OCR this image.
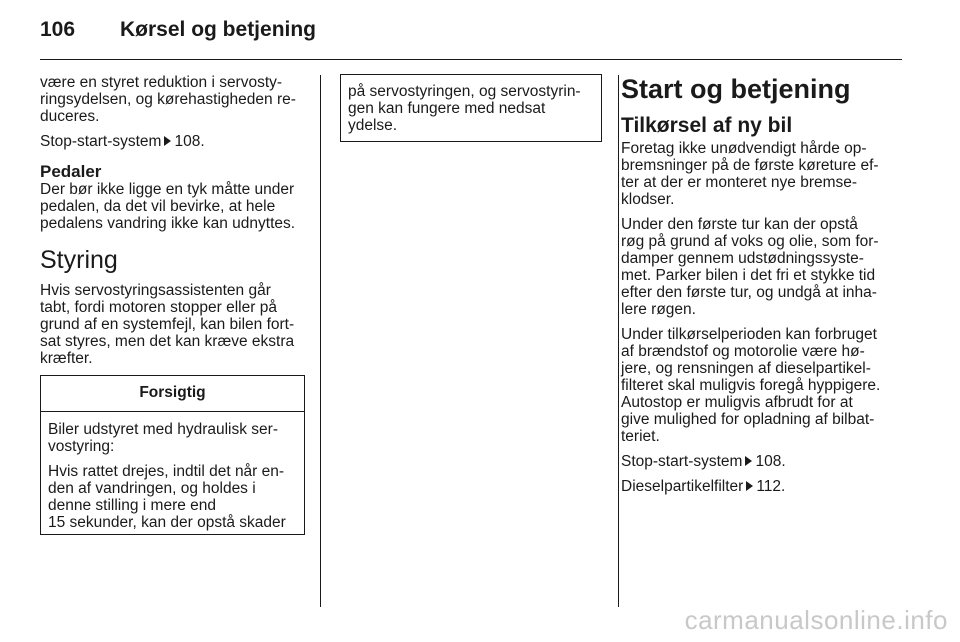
106 Kørsel og betjening

være en styret reduktion i servosty-
ringsydelsen, og kørehastigheden re-
duceres.

Stop-start-system 108.

Pedaler

Der bør ikke ligge en tyk måtte under
pedalen, da det vil bevirke, at hele
pedalens vandring ikke kan udnyttes.

Styring

Hvis servostyringsassistenten går
tabt, fordi motoren stopper eller på
grund af en systemfejl, kan bilen fort-
sat styres, men det kan kræve ekstra
kræfter.

Forsigtig

Biler udstyret med hydraulisk ser-
vostyring:

Hvis rattet drejes, indtil det når en-
den af vandringen, og holdes i
denne stilling i mere end
15 sekunder, kan der opstå skader

på servostyringen, og servostyrin-
gen kan fungere med nedsat
ydelse.

Start og betjening
Tilkørsel af ny bil

Foretag ikke unødvendigt hårde op-
bremsninger på de første køreture ef-
ter at der er monteret nye bremse-
klodser.

Under den første tur kan der opstå
røg på grund af voks og olie, som for-
damper gennem udstødningssyste-
met. Parker bilen i det fri et stykke tid
efter den første tur, og undgå at inha-
lere røgen.

Under tilkørselperioden kan forbruget
af brændstof og motorolie være hø-
jere, og rensningen af dieselpartikel-
filteret skal muligvis foregå hyppigere.
Autostop er muligvis afbrudt for at
give mulighed for opladning af bilbat-
teriet.

Stop-start-system 108.

Dieselpartikelfilter 112.

carmanualsonline.info
